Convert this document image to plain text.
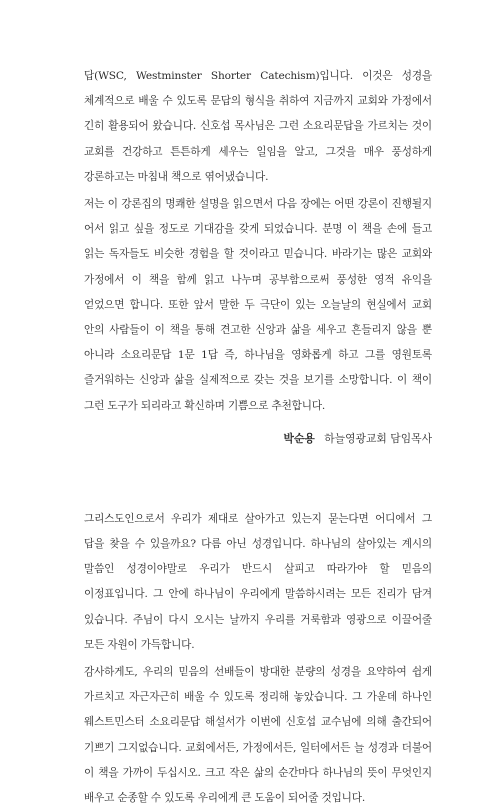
답(WSC, Westminster Shorter Catechism)입니다. 이것은 성경을 체계적으로 배울 수 있도록 문답의 형식을 취하여 지금까지 교회와 가정에서 긴히 활용되어 왔습니다. 신호섭 목사님은 그런 소요리문답을 가르치는 것이 교회를 건강하고 튼튼하게 세우는 일임을 알고, 그것을 매우 풍성하게 강론하고는 마침내 책으로 엮어냈습니다.

저는 이 강론집의 명쾌한 설명을 읽으면서 다음 장에는 어떤 강론이 진행될지 어서 읽고 싶을 정도로 기대감을 갖게 되었습니다. 분명 이 책을 손에 들고 읽는 독자들도 비슷한 경험을 할 것이라고 믿습니다. 바라기는 많은 교회와 가정에서 이 책을 함께 읽고 나누며 공부함으로써 풍성한 영적 유익을 얻었으면 합니다. 또한 앞서 말한 두 극단이 있는 오늘날의 현실에서 교회 안의 사람들이 이 책을 통해 견고한 신앙과 삶을 세우고 흔들리지 않을 뿐 아니라 소요리문답 1문 1답 즉, 하나님을 영화롭게 하고 그를 영원토록 즐거워하는 신앙과 삶을 실제적으로 갖는 것을 보기를 소망합니다. 이 책이 그런 도구가 되리라고 확신하며 기쁨으로 추천합니다.

박순용 하늘영광교회 담임목사

그리스도인으로서 우리가 제대로 살아가고 있는지 묻는다면 어디에서 그 답을 찾을 수 있을까요? 다름 아닌 성경입니다. 하나님의 살아있는 계시의 말씀인 성경이야말로 우리가 반드시 살피고 따라가야 할 믿음의 이정표입니다. 그 안에 하나님이 우리에게 말씀하시려는 모든 진리가 담겨 있습니다. 주님이 다시 오시는 날까지 우리를 거룩함과 영광으로 이끌어줄 모든 자원이 가득합니다.

감사하게도, 우리의 믿음의 선배들이 방대한 분량의 성경을 요약하여 쉽게 가르치고 자근자근히 배울 수 있도록 정리해 놓았습니다. 그 가운데 하나인 웨스트민스터 소요리문답 해설서가 이번에 신호섭 교수님에 의해 출간되어 기쁘기 그지없습니다. 교회에서든, 가정에서든, 일터에서든 늘 성경과 더불어 이 책을 가까이 두십시오. 크고 작은 삶의 순간마다 하나님의 뜻이 무엇인지 배우고 순종할 수 있도록 우리에게 큰 도움이 되어줄 것입니다.
